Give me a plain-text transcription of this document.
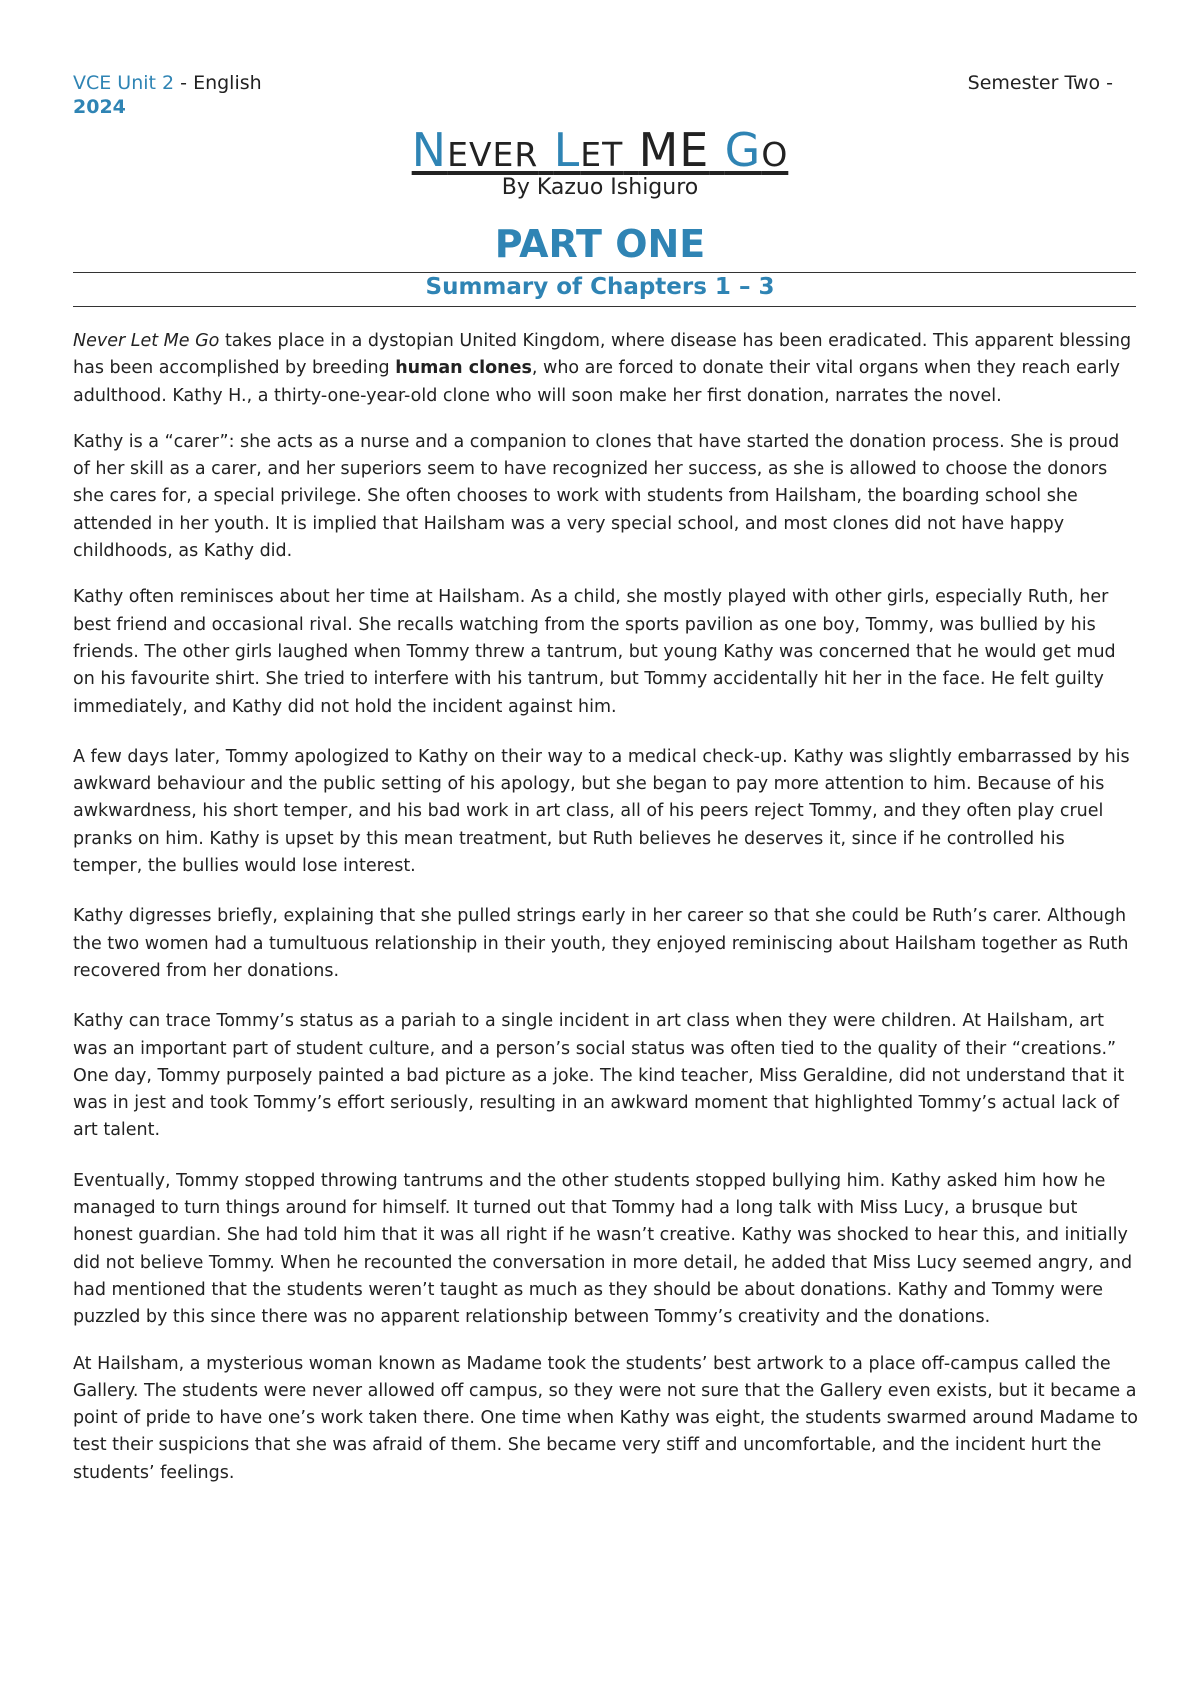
VCE Unit 2 - English
2024
Semester Two -
NEVER LET ME GO
By Kazuo Ishiguro
PART ONE
Summary of Chapters 1 – 3

Never Let Me Go takes place in a dystopian United Kingdom, where disease has been eradicated. This apparent blessing has been accomplished by breeding human clones, who are forced to donate their vital organs when they reach early adulthood. Kathy H., a thirty-one-year-old clone who will soon make her first donation, narrates the novel.

Kathy is a “carer”: she acts as a nurse and a companion to clones that have started the donation process. She is proud of her skill as a carer, and her superiors seem to have recognized her success, as she is allowed to choose the donors she cares for, a special privilege. She often chooses to work with students from Hailsham, the boarding school she attended in her youth. It is implied that Hailsham was a very special school, and most clones did not have happy childhoods, as Kathy did.

Kathy often reminisces about her time at Hailsham. As a child, she mostly played with other girls, especially Ruth, her best friend and occasional rival. She recalls watching from the sports pavilion as one boy, Tommy, was bullied by his friends. The other girls laughed when Tommy threw a tantrum, but young Kathy was concerned that he would get mud on his favourite shirt. She tried to interfere with his tantrum, but Tommy accidentally hit her in the face. He felt guilty immediately, and Kathy did not hold the incident against him.

A few days later, Tommy apologized to Kathy on their way to a medical check-up. Kathy was slightly embarrassed by his awkward behaviour and the public setting of his apology, but she began to pay more attention to him. Because of his awkwardness, his short temper, and his bad work in art class, all of his peers reject Tommy, and they often play cruel pranks on him. Kathy is upset by this mean treatment, but Ruth believes he deserves it, since if he controlled his temper, the bullies would lose interest.

Kathy digresses briefly, explaining that she pulled strings early in her career so that she could be Ruth’s carer. Although the two women had a tumultuous relationship in their youth, they enjoyed reminiscing about Hailsham together as Ruth recovered from her donations.

Kathy can trace Tommy’s status as a pariah to a single incident in art class when they were children. At Hailsham, art was an important part of student culture, and a person’s social status was often tied to the quality of their “creations.” One day, Tommy purposely painted a bad picture as a joke. The kind teacher, Miss Geraldine, did not understand that it was in jest and took Tommy’s effort seriously, resulting in an awkward moment that highlighted Tommy’s actual lack of art talent.

Eventually, Tommy stopped throwing tantrums and the other students stopped bullying him. Kathy asked him how he managed to turn things around for himself. It turned out that Tommy had a long talk with Miss Lucy, a brusque but honest guardian. She had told him that it was all right if he wasn’t creative. Kathy was shocked to hear this, and initially did not believe Tommy. When he recounted the conversation in more detail, he added that Miss Lucy seemed angry, and had mentioned that the students weren’t taught as much as they should be about donations. Kathy and Tommy were puzzled by this since there was no apparent relationship between Tommy’s creativity and the donations.

At Hailsham, a mysterious woman known as Madame took the students’ best artwork to a place off-campus called the Gallery. The students were never allowed off campus, so they were not sure that the Gallery even exists, but it became a point of pride to have one’s work taken there. One time when Kathy was eight, the students swarmed around Madame to test their suspicions that she was afraid of them. She became very stiff and uncomfortable, and the incident hurt the students’ feelings.
